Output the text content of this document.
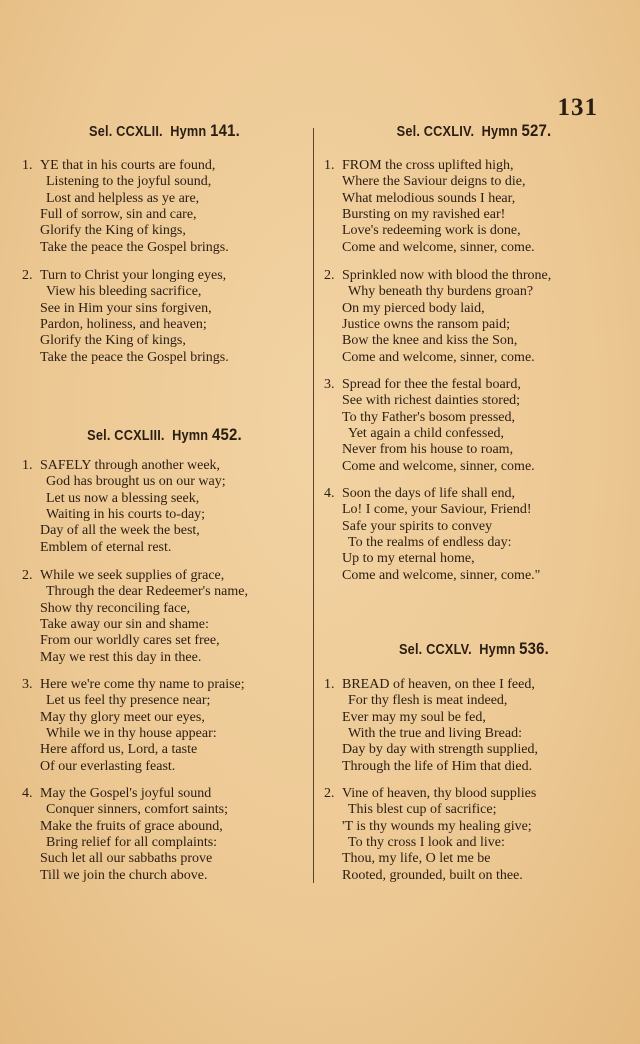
131
Sel. CCXLII. Hymn 141.
1. YE that in his courts are found,
Listening to the joyful sound,
Lost and helpless as ye are,
Full of sorrow, sin and care,
Glorify the King of kings,
Take the peace the Gospel brings.
2. Turn to Christ your longing eyes,
View his bleeding sacrifice,
See in Him your sins forgiven,
Pardon, holiness, and heaven;
Glorify the King of kings,
Take the peace the Gospel brings.
Sel. CCXLIII. Hymn 452.
1. SAFELY through another week,
God has brought us on our way;
Let us now a blessing seek,
Waiting in his courts to-day;
Day of all the week the best,
Emblem of eternal rest.
2. While we seek supplies of grace,
Through the dear Redeemer's name,
Show thy reconciling face,
Take away our sin and shame:
From our worldly cares set free,
May we rest this day in thee.
3. Here we're come thy name to praise;
Let us feel thy presence near;
May thy glory meet our eyes,
While we in thy house appear:
Here afford us, Lord, a taste
Of our everlasting feast.
4. May the Gospel's joyful sound
Conquer sinners, comfort saints;
Make the fruits of grace abound,
Bring relief for all complaints:
Such let all our sabbaths prove
Till we join the church above.
Sel. CCXLIV. Hymn 527.
1. FROM the cross uplifted high,
Where the Saviour deigns to die,
What melodious sounds I hear,
Bursting on my ravished ear!
Love's redeeming work is done,
Come and welcome, sinner, come.
2. Sprinkled now with blood the throne,
Why beneath thy burdens groan?
On my pierced body laid,
Justice owns the ransom paid;
Bow the knee and kiss the Son,
Come and welcome, sinner, come.
3. Spread for thee the festal board,
See with richest dainties stored;
To thy Father's bosom pressed,
Yet again a child confessed,
Never from his house to roam,
Come and welcome, sinner, come.
4. Soon the days of life shall end,
Lo! I come, your Saviour, Friend!
Safe your spirits to convey
To the realms of endless day:
Up to my eternal home,
Come and welcome, sinner, come."
Sel. CCXLV. Hymn 536.
1. BREAD of heaven, on thee I feed,
For thy flesh is meat indeed,
Ever may my soul be fed,
With the true and living Bread:
Day by day with strength supplied,
Through the life of Him that died.
2. Vine of heaven, thy blood supplies
This blest cup of sacrifice;
'T is thy wounds my healing give;
To thy cross I look and live:
Thou, my life, O let me be
Rooted, grounded, built on thee.
